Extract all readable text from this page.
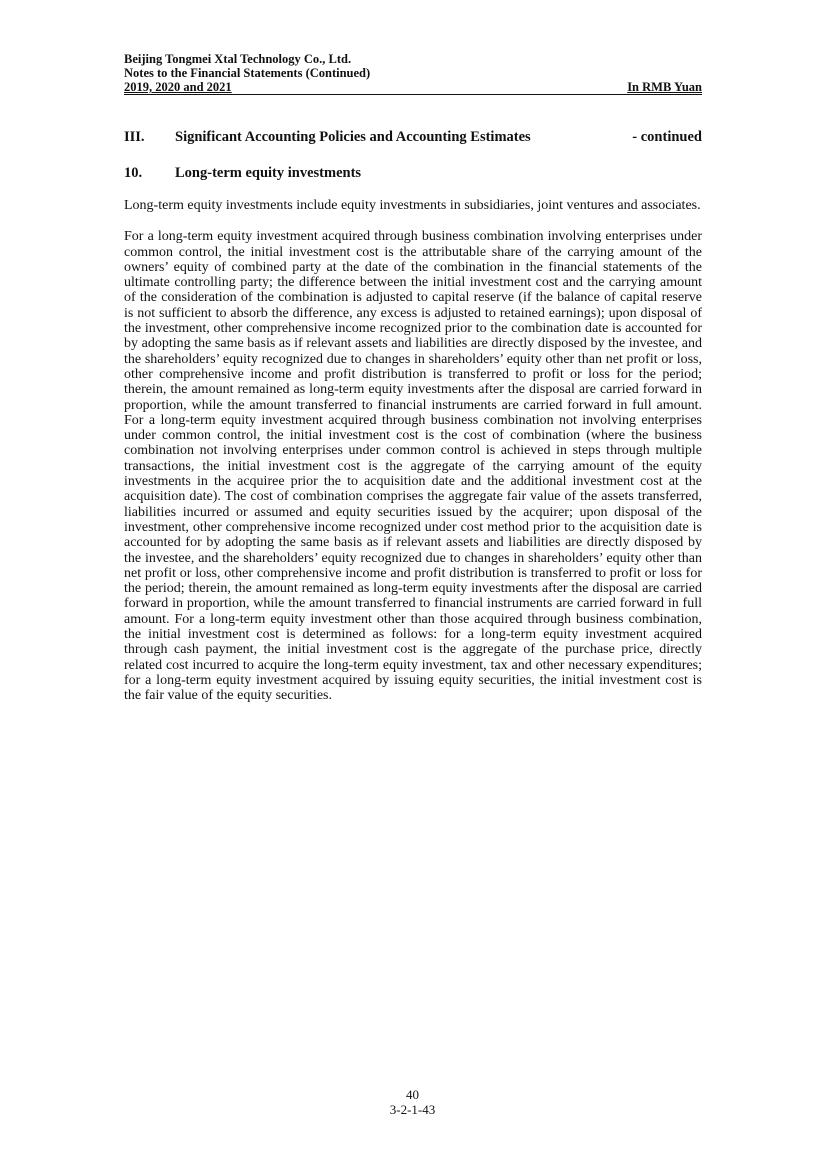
Beijing Tongmei Xtal Technology Co., Ltd.

Notes to the Financial Statements (Continued)

2019, 2020 and 2021	In RMB Yuan

III.	Significant Accounting Policies and Accounting Estimates	- continued
10.	Long-term equity investments

Long-term equity investments include equity investments in subsidiaries, joint ventures and associates.

For a long-term equity investment acquired through business combination involving enterprises under common control, the initial investment cost is the attributable share of the carrying amount of the owners’ equity of combined party at the date of the combination in the financial statements of the ultimate controlling party; the difference between the initial investment cost and the carrying amount of the consideration of the combination is adjusted to capital reserve (if the balance of capital reserve is not sufficient to absorb the difference, any excess is adjusted to retained earnings); upon disposal of the investment, other comprehensive income recognized prior to the combination date is accounted for by adopting the same basis as if relevant assets and liabilities are directly disposed by the investee, and the shareholders’ equity recognized due to changes in shareholders’ equity other than net profit or loss, other comprehensive income and profit distribution is transferred to profit or loss for the period; therein, the amount remained as long-term equity investments after the disposal are carried forward in proportion, while the amount transferred to financial instruments are carried forward in full amount. For a long-term equity investment acquired through business combination not involving enterprises under common control, the initial investment cost is the cost of combination (where the business combination not involving enterprises under common control is achieved in steps through multiple transactions, the initial investment cost is the aggregate of the carrying amount of the equity investments in the acquiree prior the to acquisition date and the additional investment cost at the acquisition date). The cost of combination comprises the aggregate fair value of the assets transferred, liabilities incurred or assumed and equity securities issued by the acquirer; upon disposal of the investment, other comprehensive income recognized under cost method prior to the acquisition date is accounted for by adopting the same basis as if relevant assets and liabilities are directly disposed by the investee, and the shareholders’ equity recognized due to changes in shareholders’ equity other than net profit or loss, other comprehensive income and profit distribution is transferred to profit or loss for the period; therein, the amount remained as long-term equity investments after the disposal are carried forward in proportion, while the amount transferred to financial instruments are carried forward in full amount. For a long-term equity investment other than those acquired through business combination, the initial investment cost is determined as follows: for a long-term equity investment acquired through cash payment, the initial investment cost is the aggregate of the purchase price, directly related cost incurred to acquire the long-term equity investment, tax and other necessary expenditures; for a long-term equity investment acquired by issuing equity securities, the initial investment cost is the fair value of the equity securities.

40
3-2-1-43
